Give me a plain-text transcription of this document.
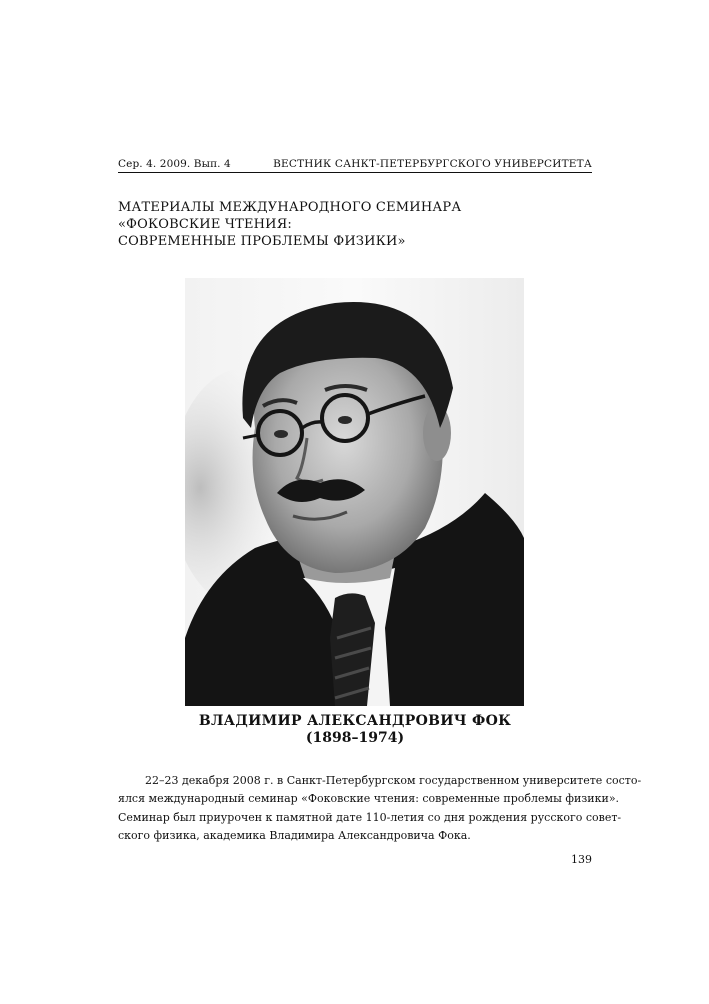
Сер. 4. 2009. Вып. 4	ВЕСТНИК САНКТ-ПЕТЕРБУРГСКОГО УНИВЕРСИТЕТА
МАТЕРИАЛЫ МЕЖДУНАРОДНОГО СЕМИНАРА
«ФОКОВСКИЕ ЧТЕНИЯ:
СОВРЕМЕННЫЕ ПРОБЛЕМЫ ФИЗИКИ»
ВЛАДИМИР АЛЕКСАНДРОВИЧ ФОК
(1898–1974)
22–23 декабря 2008 г. в Санкт-Петербургском государственном университете состо-
ялся международный семинар «Фоковские чтения: современные проблемы физики».
Семинар был приурочен к памятной дате 110-летия со дня рождения русского совет-
ского физика, академика Владимира Александровича Фока.
139
